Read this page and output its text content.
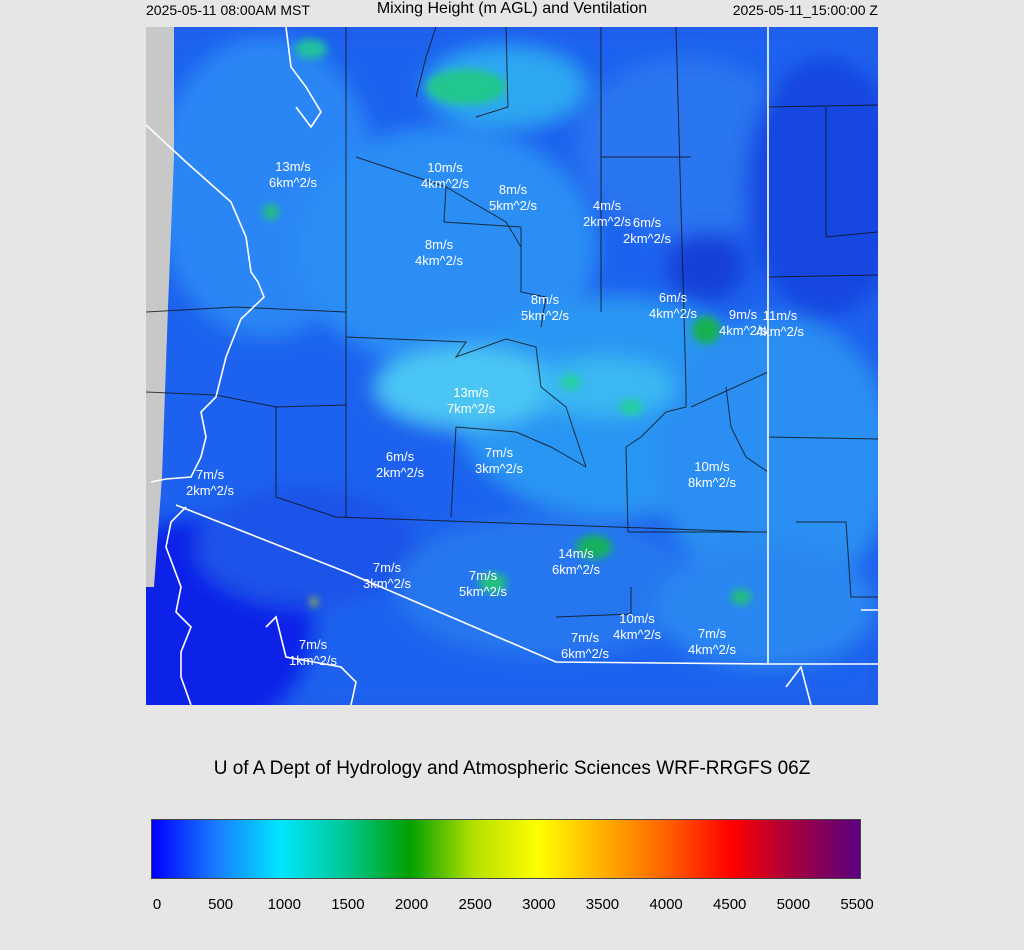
2025-05-11 08:00AM MST	Mixing Height (m AGL) and Ventilation	2025-05-11_15:00:00 Z
13m/s
6km^2/s
10m/s
4km^2/s	8m/s
5km^2/s	4m/s
2km^2/s 6m/s
2km^2/s
8m/s
4km^2/s
8m/s
5km^2/s
6m/s
4km^2/s	9m/s
4km^2/s
11m/s
4km^2/s
13m/s
7km^2/s
6m/s
2km^2/s
7m/s
3km^2/s	10m/s
8km^2/s
7m/s
2km^2/s
14m/s
6km^2/s
7m/s
3km^2/s
7m/s
5km^2/s
10m/s
4km^2/s
7m/s
6km^2/s
7m/s
4km^2/s
7m/s
1km^2/s
U of A Dept of Hydrology and Atmospheric Sciences WRF-RRGFS 06Z
0	500 1000 1500 2000 2500 3000 3500 4000 4500 5000 5500
